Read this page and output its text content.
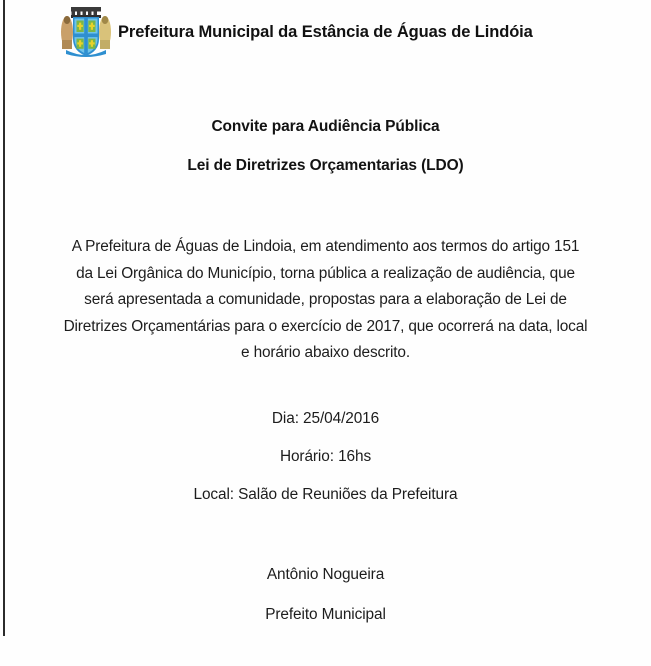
Prefeitura Municipal da Estância de Águas de Lindóia
Convite para Audiência Pública
Lei de Diretrizes Orçamentarias (LDO)
A Prefeitura de Águas de Lindoia, em atendimento aos termos do artigo 151
da Lei Orgânica do Município, torna pública a realização de audiência, que
será apresentada a comunidade, propostas para a elaboração de Lei de
Diretrizes Orçamentárias para o exercício de 2017, que ocorrerá na data, local
e horário abaixo descrito.
Dia: 25/04/2016
Horário: 16hs
Local: Salão de Reuniões da Prefeitura
Antônio Nogueira
Prefeito Municipal
